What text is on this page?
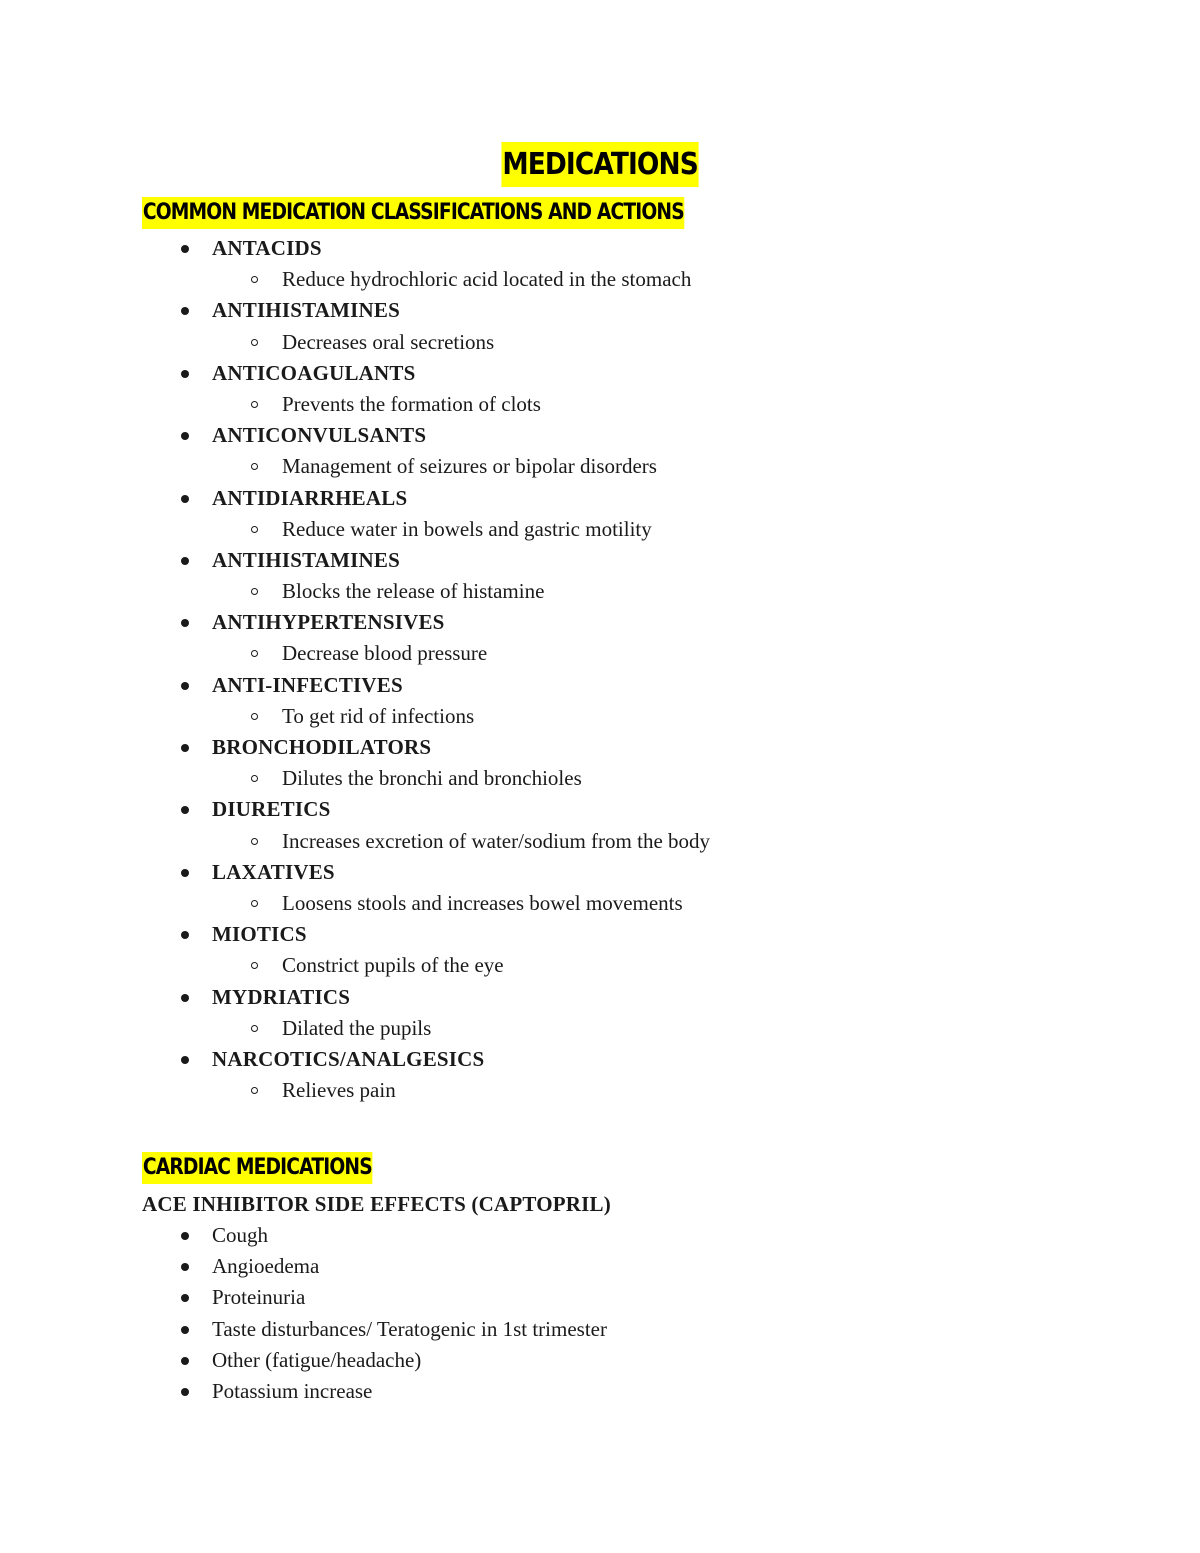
MEDICATIONS
COMMON MEDICATION CLASSIFICATIONS AND ACTIONS
ANTACIDS
Reduce hydrochloric acid located in the stomach
ANTIHISTAMINES
Decreases oral secretions
ANTICOAGULANTS
Prevents the formation of clots
ANTICONVULSANTS
Management of seizures or bipolar disorders
ANTIDIARRHEALS
Reduce water in bowels and gastric motility
ANTIHISTAMINES
Blocks the release of histamine
ANTIHYPERTENSIVES
Decrease blood pressure
ANTI-INFECTIVES
To get rid of infections
BRONCHODILATORS
Dilutes the bronchi and bronchioles
DIURETICS
Increases excretion of water/sodium from the body
LAXATIVES
Loosens stools and increases bowel movements
MIOTICS
Constrict pupils of the eye
MYDRIATICS
Dilated the pupils
NARCOTICS/ANALGESICS
Relieves pain
CARDIAC MEDICATIONS
ACE INHIBITOR SIDE EFFECTS (CAPTOPRIL)
Cough
Angioedema
Proteinuria
Taste disturbances/ Teratogenic in 1st trimester
Other (fatigue/headache)
Potassium increase
